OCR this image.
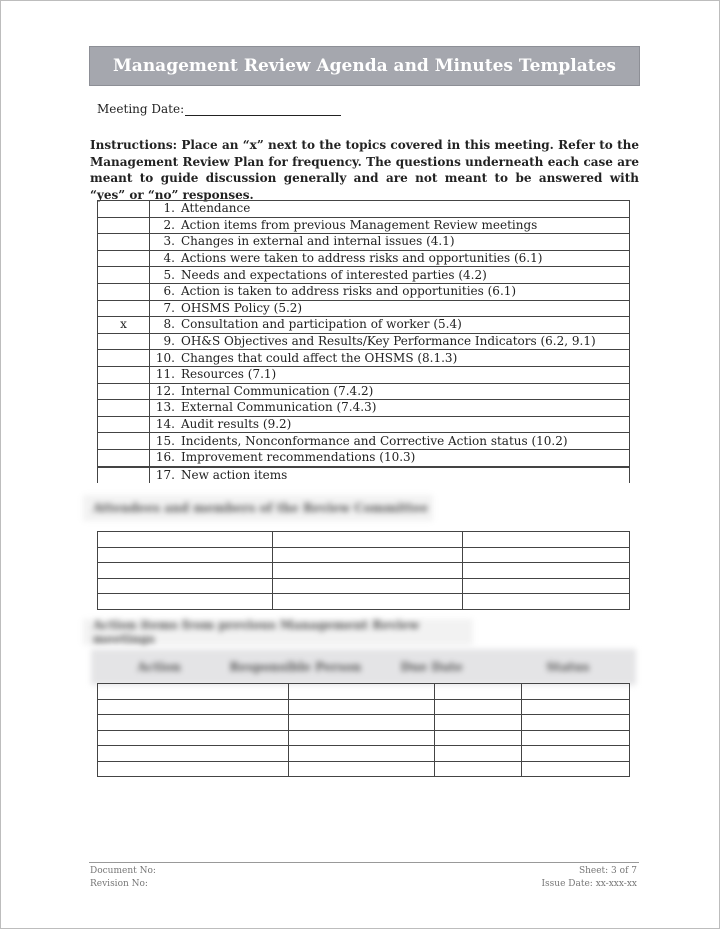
Management Review Agenda and Minutes Templates
Meeting Date:
Instructions: Place an “x” next to the topics covered in this meeting. Refer to the Management Review Plan for frequency. The questions underneath each case are meant to guide discussion generally and are not meant to be answered with “yes” or “no” responses.
	1.	Attendance
	2.	Action items from previous Management Review meetings
	3.	Changes in external and internal issues (4.1)
	4.	Actions were taken to address risks and opportunities (6.1)
	5.	Needs and expectations of interested parties (4.2)
	6.	Action is taken to address risks and opportunities (6.1)
	7.	OHSMS Policy (5.2)
x	8.	Consultation and participation of worker (5.4)
	9.	OH&S Objectives and Results/Key Performance Indicators (6.2, 9.1)
	10.	Changes that could affect the OHSMS (8.1.3)
	11.	Resources (7.1)
	12.	Internal Communication (7.4.2)
	13.	External Communication (7.4.3)
	14.	Audit results (9.2)
	15.	Incidents, Nonconformance and Corrective Action status (10.2)
	16.	Improvement recommendations (10.3)
	17.	New action items
Attendees and members of the Review Committee

Action items from previous Management Review meetings
Action	Responsible Person	Due Date	Status

Document No:
Revision No:
Sheet: 3 of 7
Issue Date: xx-xxx-xx
